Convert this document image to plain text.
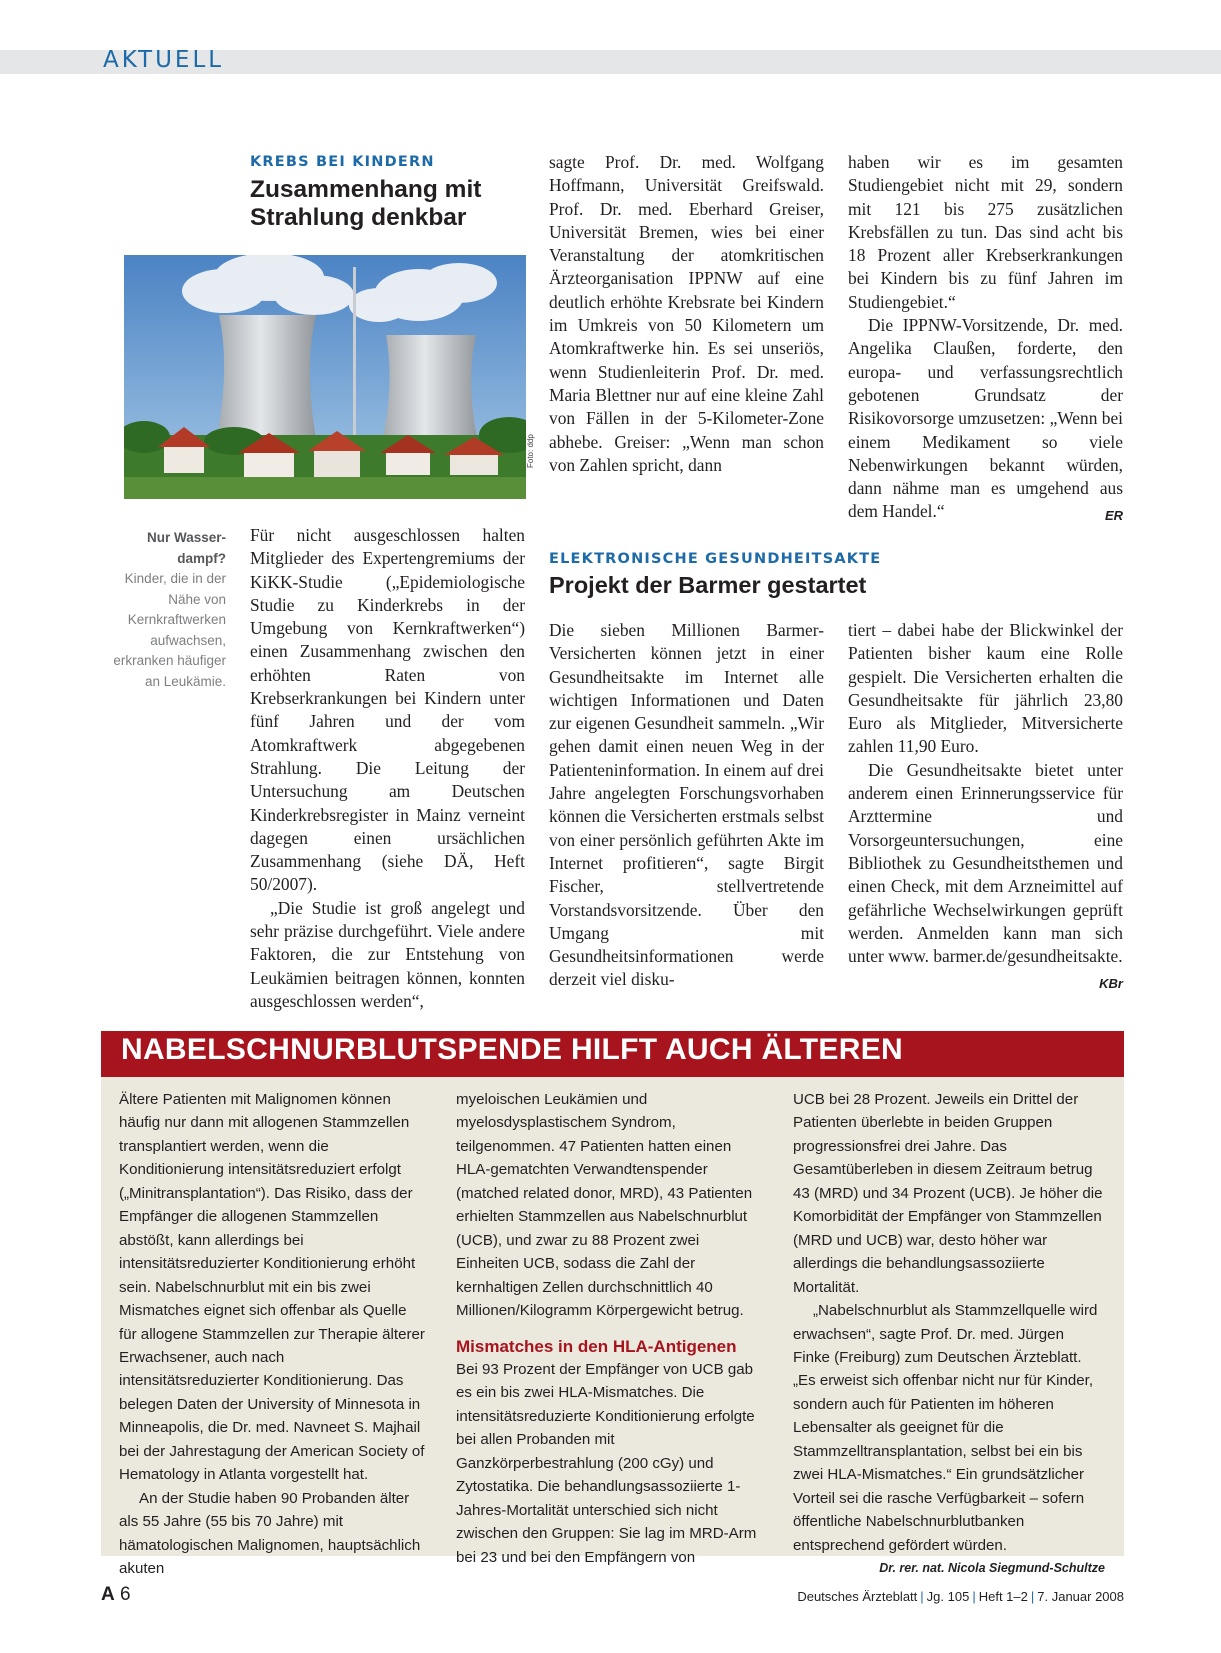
AKTUELL
KREBS BEI KINDERN
Zusammenhang mit
Strahlung denkbar
Foto: ddp
Nur Wasser-dampf?
Kinder, die in der Nähe von Kernkraftwerken aufwachsen, erkranken häufiger an Leukämie.

Für nicht ausgeschlossen halten Mitglieder des Expertengremiums der KiKK-Studie („Epidemiologische Studie zu Kinderkrebs in der Umgebung von Kernkraftwerken“) einen Zusammenhang zwischen den erhöhten Raten von Krebserkrankungen bei Kindern unter fünf Jahren und der vom Atomkraftwerk abgegebenen Strahlung. Die Leitung der Untersuchung am Deutschen Kinderkrebsregister in Mainz verneint dagegen einen ursächlichen Zusammenhang (siehe DÄ, Heft 50/2007).

„Die Studie ist groß angelegt und sehr präzise durchgeführt. Viele andere Faktoren, die zur Entstehung von Leukämien beitragen können, konnten ausgeschlossen werden“,

sagte Prof. Dr. med. Wolfgang Hoffmann, Universität Greifswald. Prof. Dr. med. Eberhard Greiser, Universität Bremen, wies bei einer Veranstaltung der atomkritischen Ärzteorganisation IPPNW auf eine deutlich erhöhte Krebsrate bei Kindern im Umkreis von 50 Kilometern um Atomkraftwerke hin. Es sei unseriös, wenn Studienleiterin Prof. Dr. med. Maria Blettner nur auf eine kleine Zahl von Fällen in der 5-Kilometer-Zone abhebe. Greiser: „Wenn man schon von Zahlen spricht, dann

haben wir es im gesamten Studiengebiet nicht mit 29, sondern mit 121 bis 275 zusätzlichen Krebsfällen zu tun. Das sind acht bis 18 Prozent aller Krebserkrankungen bei Kindern bis zu fünf Jahren im Studiengebiet.“

Die IPPNW-Vorsitzende, Dr. med. Angelika Claußen, forderte, den europa- und verfassungsrechtlich gebotenen Grundsatz der Risikovorsorge umzusetzen: „Wenn bei einem Medikament so viele Nebenwirkungen bekannt würden, dann nähme man es umgehend aus dem Handel.“	ER

ELEKTRONISCHE GESUNDHEITSAKTE
Projekt der Barmer gestartet

Die sieben Millionen Barmer-Versicherten können jetzt in einer Gesundheitsakte im Internet alle wichtigen Informationen und Daten zur eigenen Gesundheit sammeln. „Wir gehen damit einen neuen Weg in der Patienteninformation. In einem auf drei Jahre angelegten Forschungsvorhaben können die Versicherten erstmals selbst von einer persönlich geführten Akte im Internet profitieren“, sagte Birgit Fischer, stellvertretende Vorstandsvorsitzende. Über den Umgang mit Gesundheitsinformationen werde derzeit viel disku-

tiert – dabei habe der Blickwinkel der Patienten bisher kaum eine Rolle gespielt. Die Versicherten erhalten die Gesundheitsakte für jährlich 23,80 Euro als Mitglieder, Mitversicherte zahlen 11,90 Euro.

Die Gesundheitsakte bietet unter anderem einen Erinnerungsservice für Arzttermine und Vorsorgeuntersuchungen, eine Bibliothek zu Gesundheitsthemen und einen Check, mit dem Arzneimittel auf gefährliche Wechselwirkungen geprüft werden. Anmelden kann man sich unter www. barmer.de/gesundheitsakte.
KBr

NABELSCHNURBLUTSPENDE HILFT AUCH ÄLTEREN

Ältere Patienten mit Malignomen können häufig nur dann mit allogenen Stammzellen transplantiert werden, wenn die Konditionierung intensitätsreduziert erfolgt („Minitransplantation“). Das Risiko, dass der Empfänger die allogenen Stammzellen abstößt, kann allerdings bei intensitätsreduzierter Konditionierung erhöht sein. Nabelschnurblut mit ein bis zwei Mismatches eignet sich offenbar als Quelle für allogene Stammzellen zur Therapie älterer Erwachsener, auch nach intensitätsreduzierter Konditionierung. Das belegen Daten der University of Minnesota in Minneapolis, die Dr. med. Navneet S. Majhail bei der Jahrestagung der American Society of Hematology in Atlanta vorgestellt hat.

An der Studie haben 90 Probanden älter als 55 Jahre (55 bis 70 Jahre) mit hämatologischen Malignomen, hauptsächlich akuten

myeloischen Leukämien und myelosdysplastischem Syndrom, teilgenommen. 47 Patienten hatten einen HLA-gematchten Verwandtenspender (matched related donor, MRD), 43 Patienten erhielten Stammzellen aus Nabelschnurblut (UCB), und zwar zu 88 Prozent zwei Einheiten UCB, sodass die Zahl der kernhaltigen Zellen durchschnittlich 40 Millionen/Kilogramm Körpergewicht betrug.

Mismatches in den HLA-Antigenen

Bei 93 Prozent der Empfänger von UCB gab es ein bis zwei HLA-Mismatches. Die intensitätsreduzierte Konditionierung erfolgte bei allen Probanden mit Ganzkörperbestrahlung (200 cGy) und Zytostatika. Die behandlungsassoziierte 1-Jahres-Mortalität unterschied sich nicht zwischen den Gruppen: Sie lag im MRD-Arm bei 23 und bei den Empfängern von

UCB bei 28 Prozent. Jeweils ein Drittel der Patienten überlebte in beiden Gruppen progressionsfrei drei Jahre. Das Gesamtüberleben in diesem Zeitraum betrug 43 (MRD) und 34 Prozent (UCB). Je höher die Komorbidität der Empfänger von Stammzellen (MRD und UCB) war, desto höher war allerdings die behandlungsassoziierte Mortalität.

„Nabelschnurblut als Stammzellquelle wird erwachsen“, sagte Prof. Dr. med. Jürgen Finke (Freiburg) zum Deutschen Ärzteblatt. „Es erweist sich offenbar nicht nur für Kinder, sondern auch für Patienten im höheren Lebensalter als geeignet für die Stammzelltransplantation, selbst bei ein bis zwei HLA-Mismatches.“ Ein grundsätzlicher Vorteil sei die rasche Verfügbarkeit – sofern öffentliche Nabelschnurblutbanken entsprechend gefördert würden.

Dr. rer. nat. Nicola Siegmund-Schultze

A 6	Deutsches Ärzteblatt | Jg. 105 | Heft 1–2 | 7. Januar 2008
